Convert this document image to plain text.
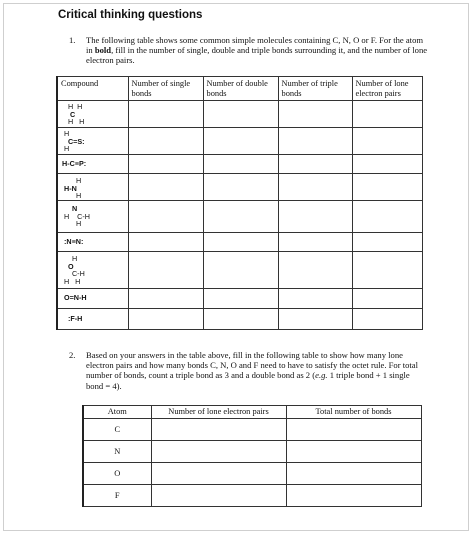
Critical thinking questions
1. The following table shows some common simple molecules containing C, N, O or F. For the atom in bold, fill in the number of single, double and triple bonds surrounding it, and the number of lone electron pairs.
Compound	Number of single bonds	Number of double bonds	Number of triple bonds	Number of lone electron pairs

H  H
C
H   H				

H
C=S:
H				

H-C≡P:				

H
H-N
H				

N
H    C-H
H				

:N≡N:				

H
O
C-H
H   H				

O=N-H				

:F-H				

2. Based on your answers in the table above, fill in the following table to show how many lone electron pairs and how many bonds C, N, O and F need to have to satisfy the octet rule. For total number of bonds, count a triple bond as 3 and a double bond as 2 (e.g. 1 triple bond + 1 single bond = 4).
Atom	Number of lone electron pairs	Total number of bonds
C		
N		
O		
F		
